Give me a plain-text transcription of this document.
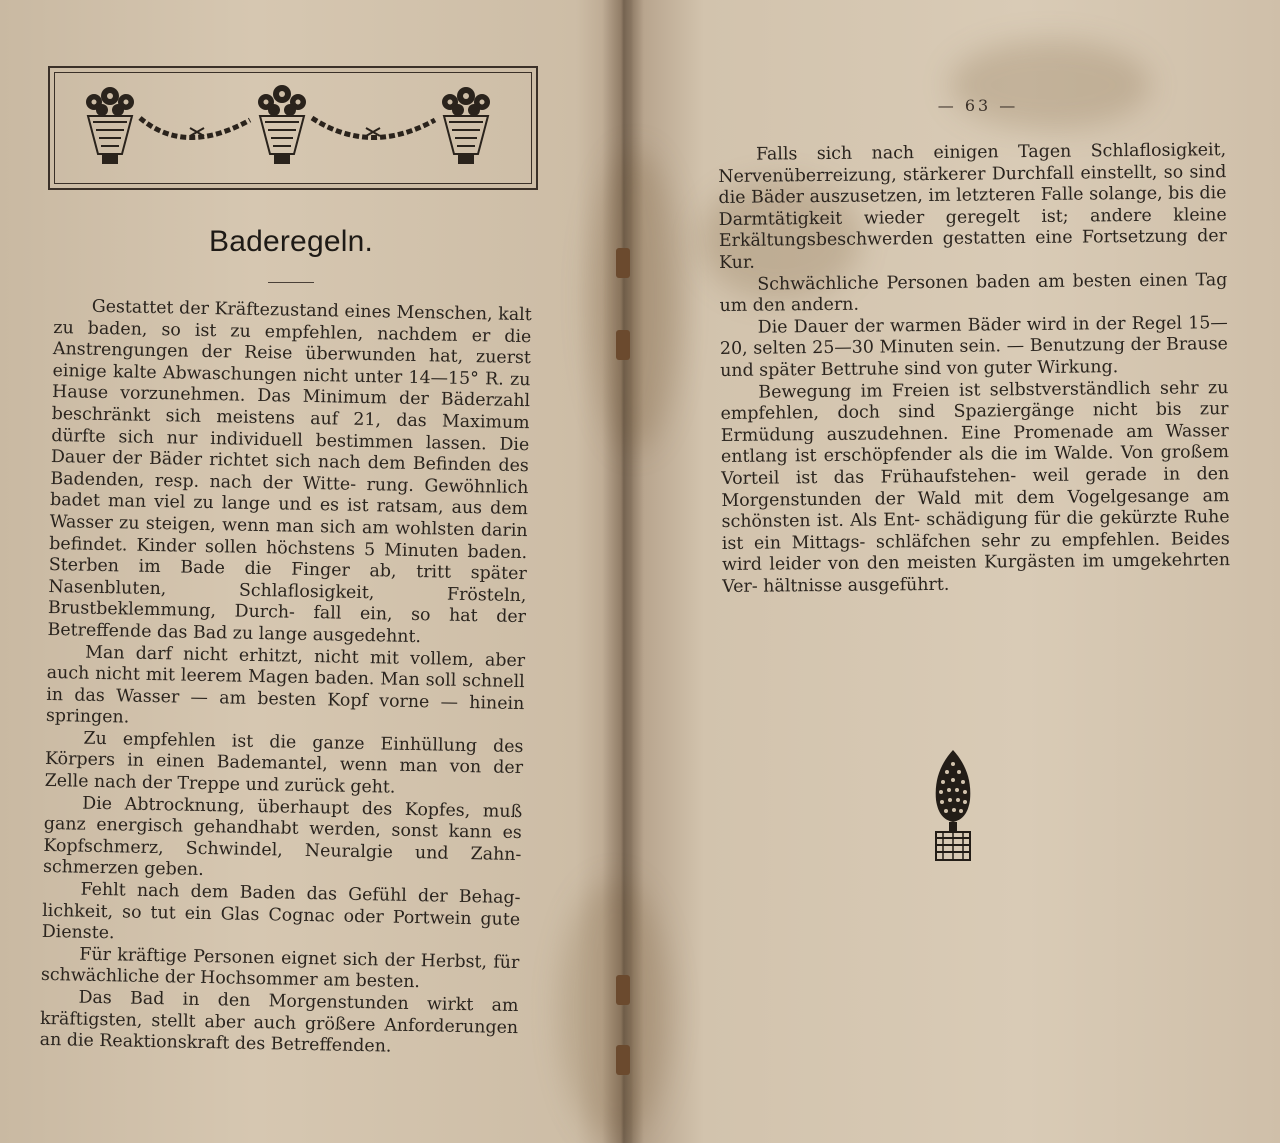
Baderegeln.

Gestattet der Kräftezustand eines Menschen, kalt zu baden, so ist zu empfehlen, nachdem er die Anstrengungen der Reise überwunden hat, zuerst einige kalte Abwaschungen nicht unter 14—15° R. zu Hause vorzunehmen. Das Minimum der Bäderzahl beschränkt sich meistens auf 21, das Maximum dürfte sich nur individuell bestimmen lassen. Die Dauer der Bäder richtet sich nach dem Befinden des Badenden, resp. nach der Witte- rung. Gewöhnlich badet man viel zu lange und es ist ratsam, aus dem Wasser zu steigen, wenn man sich am wohlsten darin befindet. Kinder sollen höchstens 5 Minuten baden. Sterben im Bade die Finger ab, tritt später Nasenbluten, Schlaflosigkeit, Frösteln, Brustbeklemmung, Durch- fall ein, so hat der Betreffende das Bad zu lange ausgedehnt.

Man darf nicht erhitzt, nicht mit vollem, aber auch nicht mit leerem Magen baden. Man soll schnell in das Wasser — am besten Kopf vorne — hinein springen.

Zu empfehlen ist die ganze Einhüllung des Körpers in einen Bademantel, wenn man von der Zelle nach der Treppe und zurück geht.

Die Abtrocknung, überhaupt des Kopfes, muß ganz energisch gehandhabt werden, sonst kann es Kopfschmerz, Schwindel, Neuralgie und Zahn- schmerzen geben.

Fehlt nach dem Baden das Gefühl der Behag- lichkeit, so tut ein Glas Cognac oder Portwein gute Dienste.

Für kräftige Personen eignet sich der Herbst, für schwächliche der Hochsommer am besten.

Das Bad in den Morgenstunden wirkt am kräftigsten, stellt aber auch größere Anforderungen an die Reaktionskraft des Betreffenden.

— 63 —

Falls sich nach einigen Tagen Schlaflosigkeit, Nervenüberreizung, stärkerer Durchfall einstellt, so sind die Bäder auszusetzen, im letzteren Falle solange, bis die Darmtätigkeit wieder geregelt ist; andere kleine Erkältungsbeschwerden gestatten eine Fortsetzung der Kur.

Schwächliche Personen baden am besten einen Tag um den andern.

Die Dauer der warmen Bäder wird in der Regel 15—20, selten 25—30 Minuten sein. — Benutzung der Brause und später Bettruhe sind von guter Wirkung.

Bewegung im Freien ist selbstverständlich sehr zu empfehlen, doch sind Spaziergänge nicht bis zur Ermüdung auszudehnen. Eine Promenade am Wasser entlang ist erschöpfender als die im Walde. Von großem Vorteil ist das Frühaufstehen- weil gerade in den Morgenstunden der Wald mit dem Vogelgesange am schönsten ist. Als Ent- schädigung für die gekürzte Ruhe ist ein Mittags- schläfchen sehr zu empfehlen. Beides wird leider von den meisten Kurgästen im umgekehrten Ver- hältnisse ausgeführt.
